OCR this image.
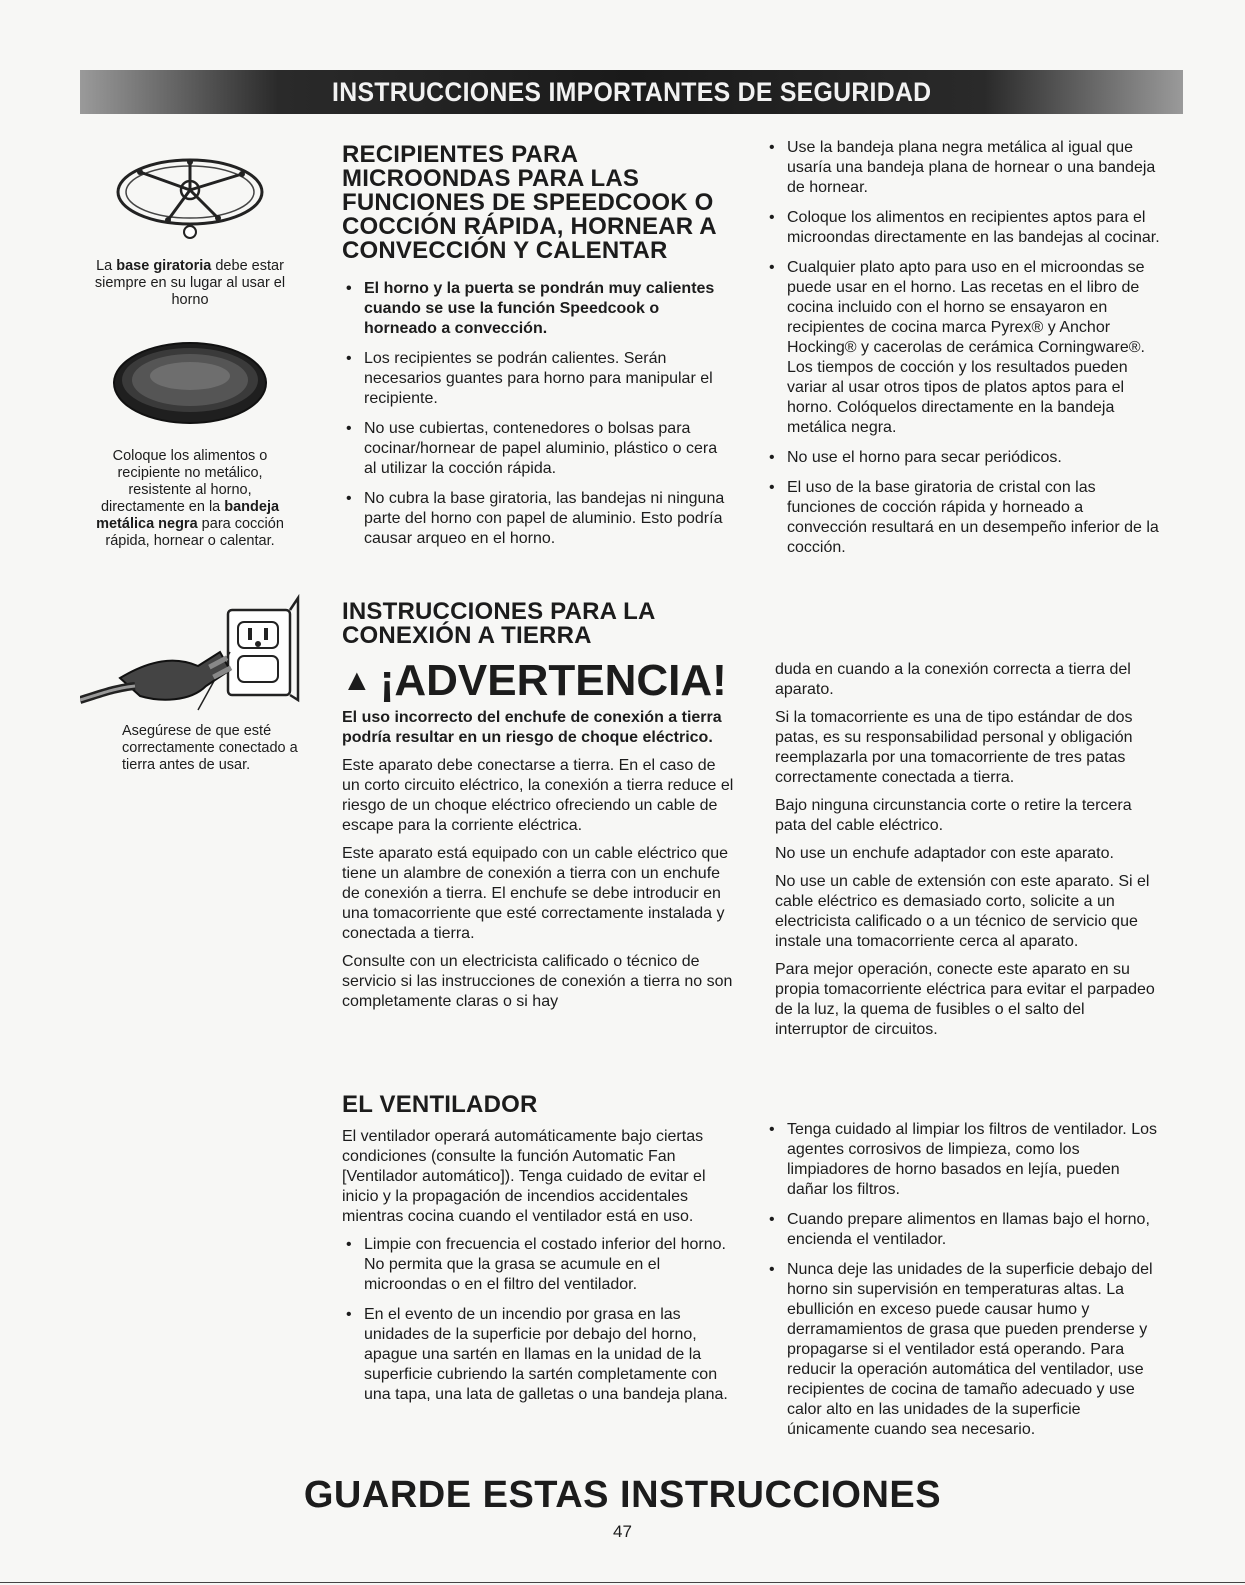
INSTRUCCIONES IMPORTANTES DE SEGURIDAD
La base giratoria debe estar siempre en su lugar al usar el horno
Coloque los alimentos o recipiente no metálico, resistente al horno, directamente en la bandeja metálica negra para cocción rápida, hornear o calentar.
Asegúrese de que esté correctamente conectado a tierra antes de usar.
RECIPIENTES PARA MICROONDAS PARA LAS FUNCIONES DE SPEEDCOOK O COCCIÓN RÁPIDA, HORNEAR A CONVECCIÓN Y CALENTAR
• El horno y la puerta se pondrán muy calientes cuando se use la función Speedcook o horneado a convección.
• Los recipientes se podrán calientes. Serán necesarios guantes para horno para manipular el recipiente.
• No use cubiertas, contenedores o bolsas para cocinar/hornear de papel aluminio, plástico o cera al utilizar la cocción rápida.
• No cubra la base giratoria, las bandejas ni ninguna parte del horno con papel de aluminio. Esto podría causar arqueo en el horno.
• Use la bandeja plana negra metálica al igual que usaría una bandeja plana de hornear o una bandeja de hornear.
• Coloque los alimentos en recipientes aptos para el microondas directamente en las bandejas al cocinar.
• Cualquier plato apto para uso en el microondas se puede usar en el horno. Las recetas en el libro de cocina incluido con el horno se ensayaron en recipientes de cocina marca Pyrex® y Anchor Hocking® y cacerolas de cerámica Corningware®. Los tiempos de cocción y los resultados pueden variar al usar otros tipos de platos aptos para el horno. Colóquelos directamente en la bandeja metálica negra.
• No use el horno para secar periódicos.
• El uso de la base giratoria de cristal con las funciones de cocción rápida y horneado a convección resultará en un desempeño inferior de la cocción.
INSTRUCCIONES PARA LA CONEXIÓN A TIERRA
▲ ¡ADVERTENCIA!

El uso incorrecto del enchufe de conexión a tierra podría resultar en un riesgo de choque eléctrico.

Este aparato debe conectarse a tierra. En el caso de un corto circuito eléctrico, la conexión a tierra reduce el riesgo de un choque eléctrico ofreciendo un cable de escape para la corriente eléctrica.

Este aparato está equipado con un cable eléctrico que tiene un alambre de conexión a tierra con un enchufe de conexión a tierra. El enchufe se debe introducir en una tomacorriente que esté correctamente instalada y conectada a tierra.

Consulte con un electricista calificado o técnico de servicio si las instrucciones de conexión a tierra no son completamente claras o si hay

duda en cuando a la conexión correcta a tierra del aparato.

Si la tomacorriente es una de tipo estándar de dos patas, es su responsabilidad personal y obligación reemplazarla por una tomacorriente de tres patas correctamente conectada a tierra.

Bajo ninguna circunstancia corte o retire la tercera pata del cable eléctrico.

No use un enchufe adaptador con este aparato.

No use un cable de extensión con este aparato. Si el cable eléctrico es demasiado corto, solicite a un electricista calificado o a un técnico de servicio que instale una tomacorriente cerca al aparato.

Para mejor operación, conecte este aparato en su propia tomacorriente eléctrica para evitar el parpadeo de la luz, la quema de fusibles o el salto del interruptor de circuitos.

EL VENTILADOR

El ventilador operará automáticamente bajo ciertas condiciones (consulte la función Automatic Fan [Ventilador automático]). Tenga cuidado de evitar el inicio y la propagación de incendios accidentales mientras cocina cuando el ventilador está en uso.

• Limpie con frecuencia el costado inferior del horno. No permita que la grasa se acumule en el microondas o en el filtro del ventilador.
• En el evento de un incendio por grasa en las unidades de la superficie por debajo del horno, apague una sartén en llamas en la unidad de la superficie cubriendo la sartén completamente con una tapa, una lata de galletas o una bandeja plana.
• Tenga cuidado al limpiar los filtros de ventilador. Los agentes corrosivos de limpieza, como los limpiadores de horno basados en lejía, pueden dañar los filtros.
• Cuando prepare alimentos en llamas bajo el horno, encienda el ventilador.
• Nunca deje las unidades de la superficie debajo del horno sin supervisión en temperaturas altas. La ebullición en exceso puede causar humo y derramamientos de grasa que pueden prenderse y propagarse si el ventilador está operando. Para reducir la operación automática del ventilador, use recipientes de cocina de tamaño adecuado y use calor alto en las unidades de la superficie únicamente cuando sea necesario.
GUARDE ESTAS INSTRUCCIONES
47
